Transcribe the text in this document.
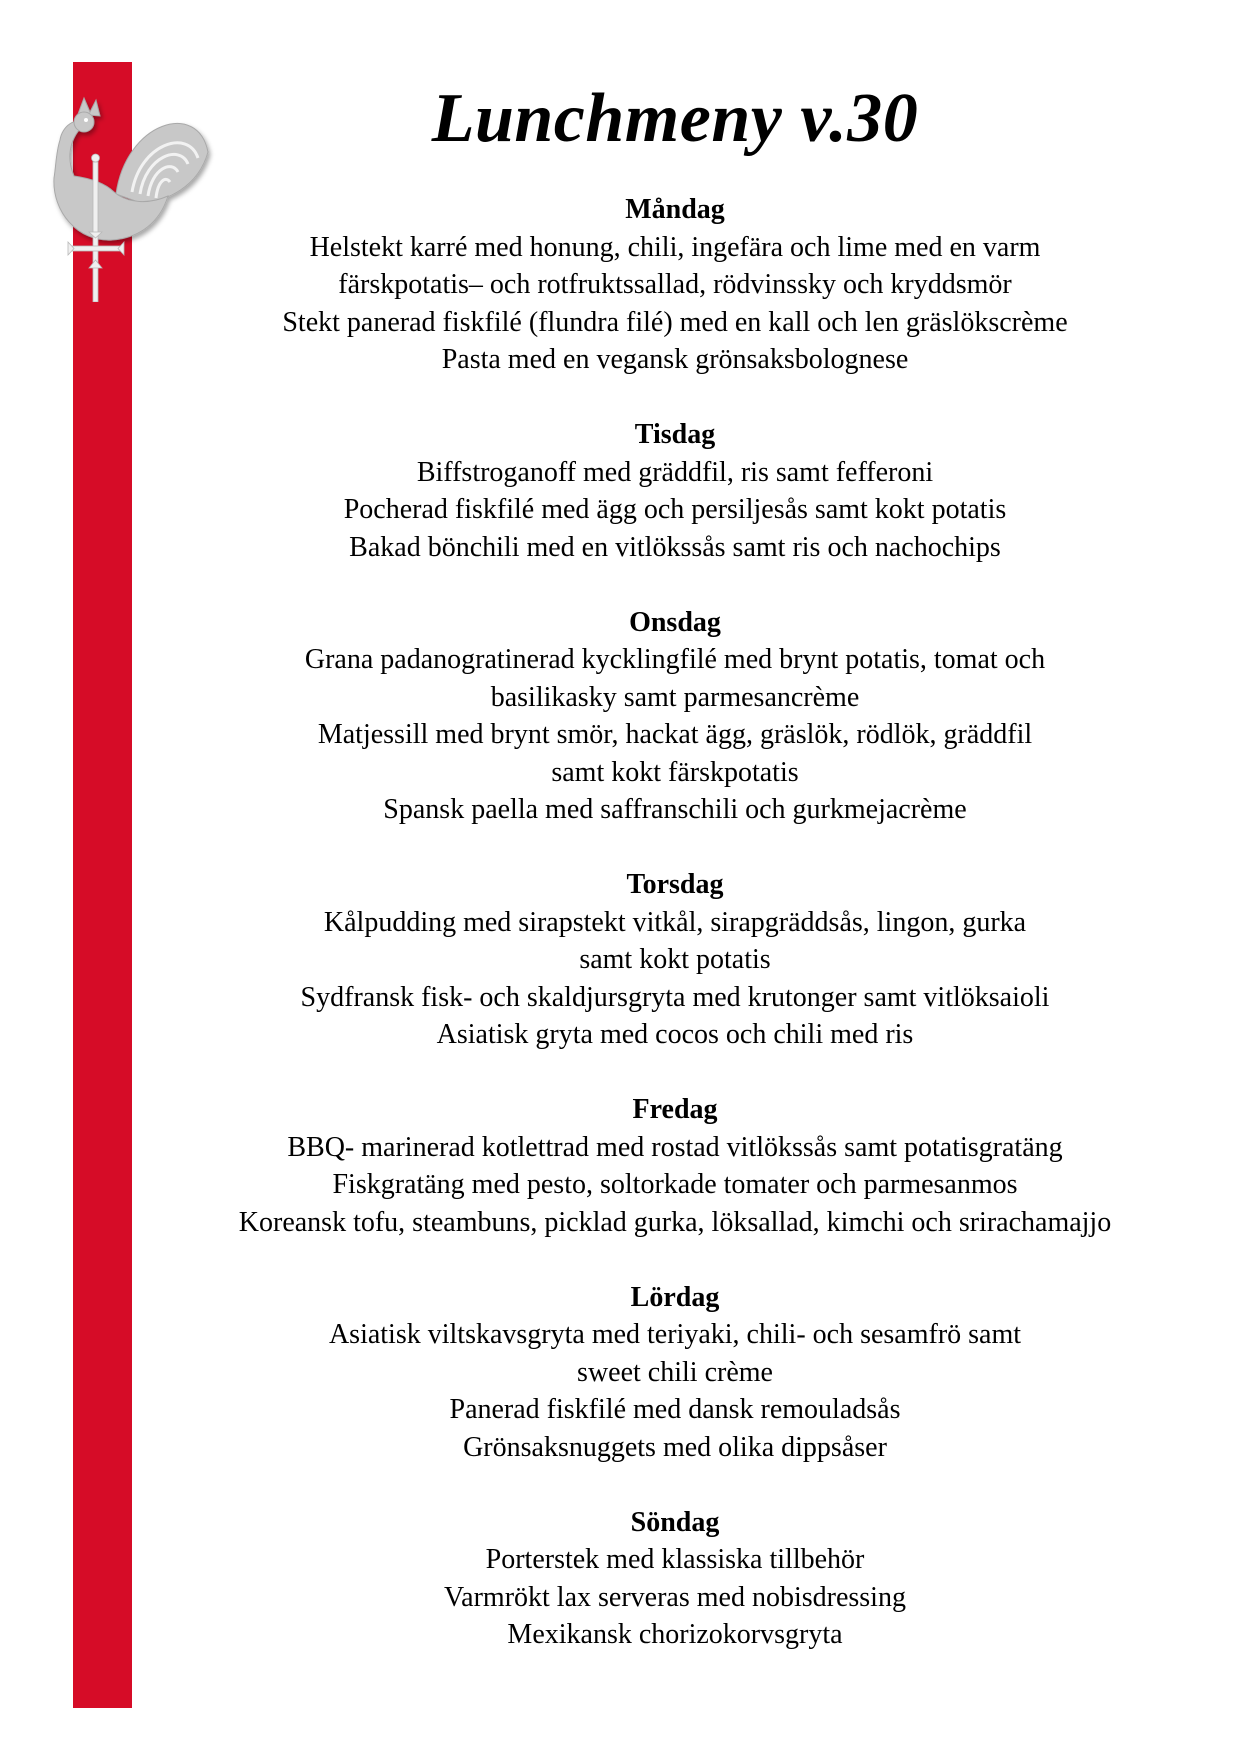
Lunchmeny v.30
Måndag
Helstekt karré med honung, chili, ingefära och lime med en varm
färskpotatis– och rotfruktssallad, rödvinssky och kryddsmör
Stekt panerad fiskfilé (flundra filé) med en kall och len gräslökscrème
Pasta med en vegansk grönsaksbolognese
Tisdag
Biffstroganoff med gräddfil, ris samt fefferoni
Pocherad fiskfilé med ägg och persiljesås samt kokt potatis
Bakad bönchili med en vitlökssås samt ris och nachochips
Onsdag
Grana padanogratinerad kycklingfilé med brynt potatis, tomat och
basilikasky samt parmesancrème
Matjessill med brynt smör, hackat ägg, gräslök, rödlök, gräddfil
samt kokt färskpotatis
Spansk paella med saffranschili och gurkmejacrème
Torsdag
Kålpudding med sirapstekt vitkål, sirapgräddsås, lingon, gurka
samt kokt potatis
Sydfransk fisk- och skaldjursgryta med krutonger samt vitlöksaioli
Asiatisk gryta med cocos och chili med ris
Fredag
BBQ- marinerad kotlettrad med rostad vitlökssås samt potatisgratäng
Fiskgratäng med pesto, soltorkade tomater och parmesanmos
Koreansk tofu, steambuns, picklad gurka, löksallad, kimchi och srirachamajjo
Lördag
Asiatisk viltskavsgryta med teriyaki, chili- och sesamfrö samt
sweet chili crème
Panerad fiskfilé med dansk remouladsås
Grönsaksnuggets med olika dippsåser
Söndag
Porterstek med klassiska tillbehör
Varmrökt lax serveras med nobisdressing
Mexikansk chorizokorvsgryta
